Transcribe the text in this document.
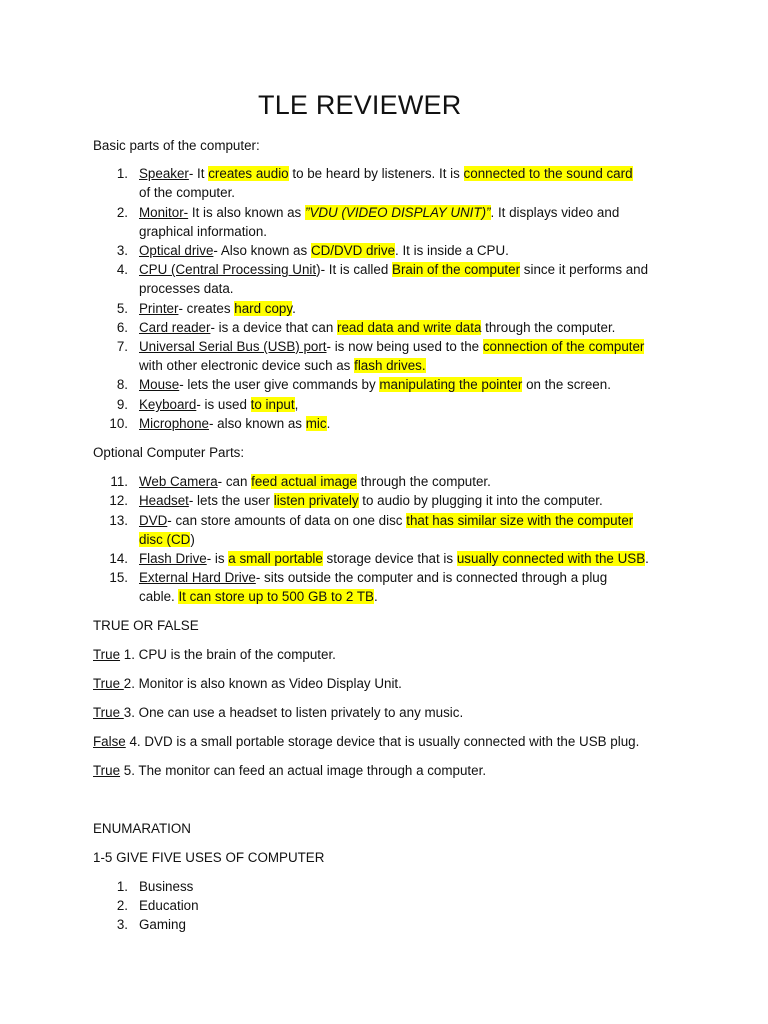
TLE REVIEWER
Basic parts of the computer:
1. Speaker- It creates audio to be heard by listeners. It is connected to the sound card
of the computer.
2. Monitor- It is also known as ”VDU (VIDEO DISPLAY UNIT)”. It displays video and
graphical information.
3. Optical drive- Also known as CD/DVD drive. It is inside a CPU.
4. CPU (Central Processing Unit)- It is called Brain of the computer since it performs and
processes data.
5. Printer- creates hard copy.
6. Card reader- is a device that can read data and write data through the computer.
7. Universal Serial Bus (USB) port- is now being used to the connection of the computer
with other electronic device such as flash drives.
8. Mouse- lets the user give commands by manipulating the pointer on the screen.
9. Keyboard- is used to input,
10. Microphone- also known as mic.
Optional Computer Parts:
11. Web Camera- can feed actual image through the computer.
12. Headset- lets the user listen privately to audio by plugging it into the computer.
13. DVD- can store amounts of data on one disc that has similar size with the computer
disc (CD)
14. Flash Drive- is a small portable storage device that is usually connected with the USB.
15. External Hard Drive- sits outside the computer and is connected through a plug
cable. It can store up to 500 GB to 2 TB.
TRUE OR FALSE
True 1. CPU is the brain of the computer.
True 2. Monitor is also known as Video Display Unit.
True 3. One can use a headset to listen privately to any music.
False 4. DVD is a small portable storage device that is usually connected with the USB plug.
True 5. The monitor can feed an actual image through a computer.
ENUMARATION
1-5 GIVE FIVE USES OF COMPUTER
1. Business
2. Education
3. Gaming
